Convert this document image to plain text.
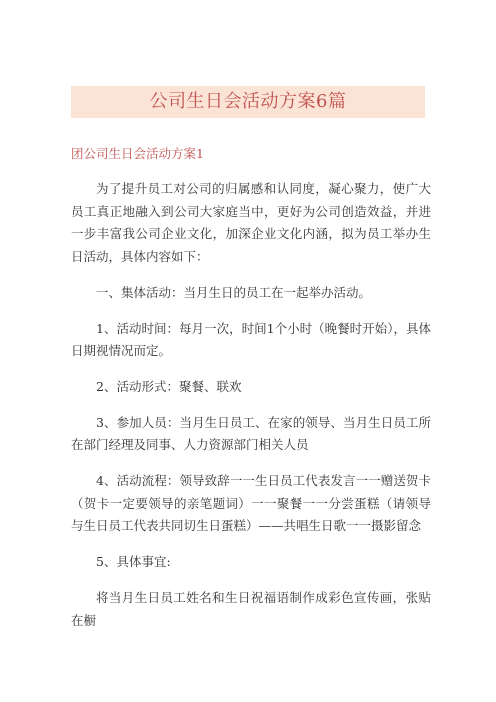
公司生日会活动方案6篇
团公司生日会活动方案1

为了提升员工对公司的归属感和认同度，凝心聚力，使广大员工真正地融入到公司大家庭当中，更好为公司创造效益，并进一步丰富我公司企业文化，加深企业文化内涵，拟为员工举办生日活动，具体内容如下：

一、集体活动：当月生日的员工在一起举办活动。

1、活动时间：每月一次，时间1个小时（晚餐时开始），具体日期视情况而定。

2、活动形式：聚餐、联欢

3、参加人员：当月生日员工、在家的领导、当月生日员工所在部门经理及同事、人力资源部门相关人员

4、活动流程：领导致辞一一生日员工代表发言一一赠送贺卡（贺卡一定要领导的亲笔题词）一一聚餐一一分尝蛋糕（请领导与生日员工代表共同切生日蛋糕）——共唱生日歌一一摄影留念

5、具体事宜:

将当月生日员工姓名和生日祝福语制作成彩色宣传画，张贴在橱
